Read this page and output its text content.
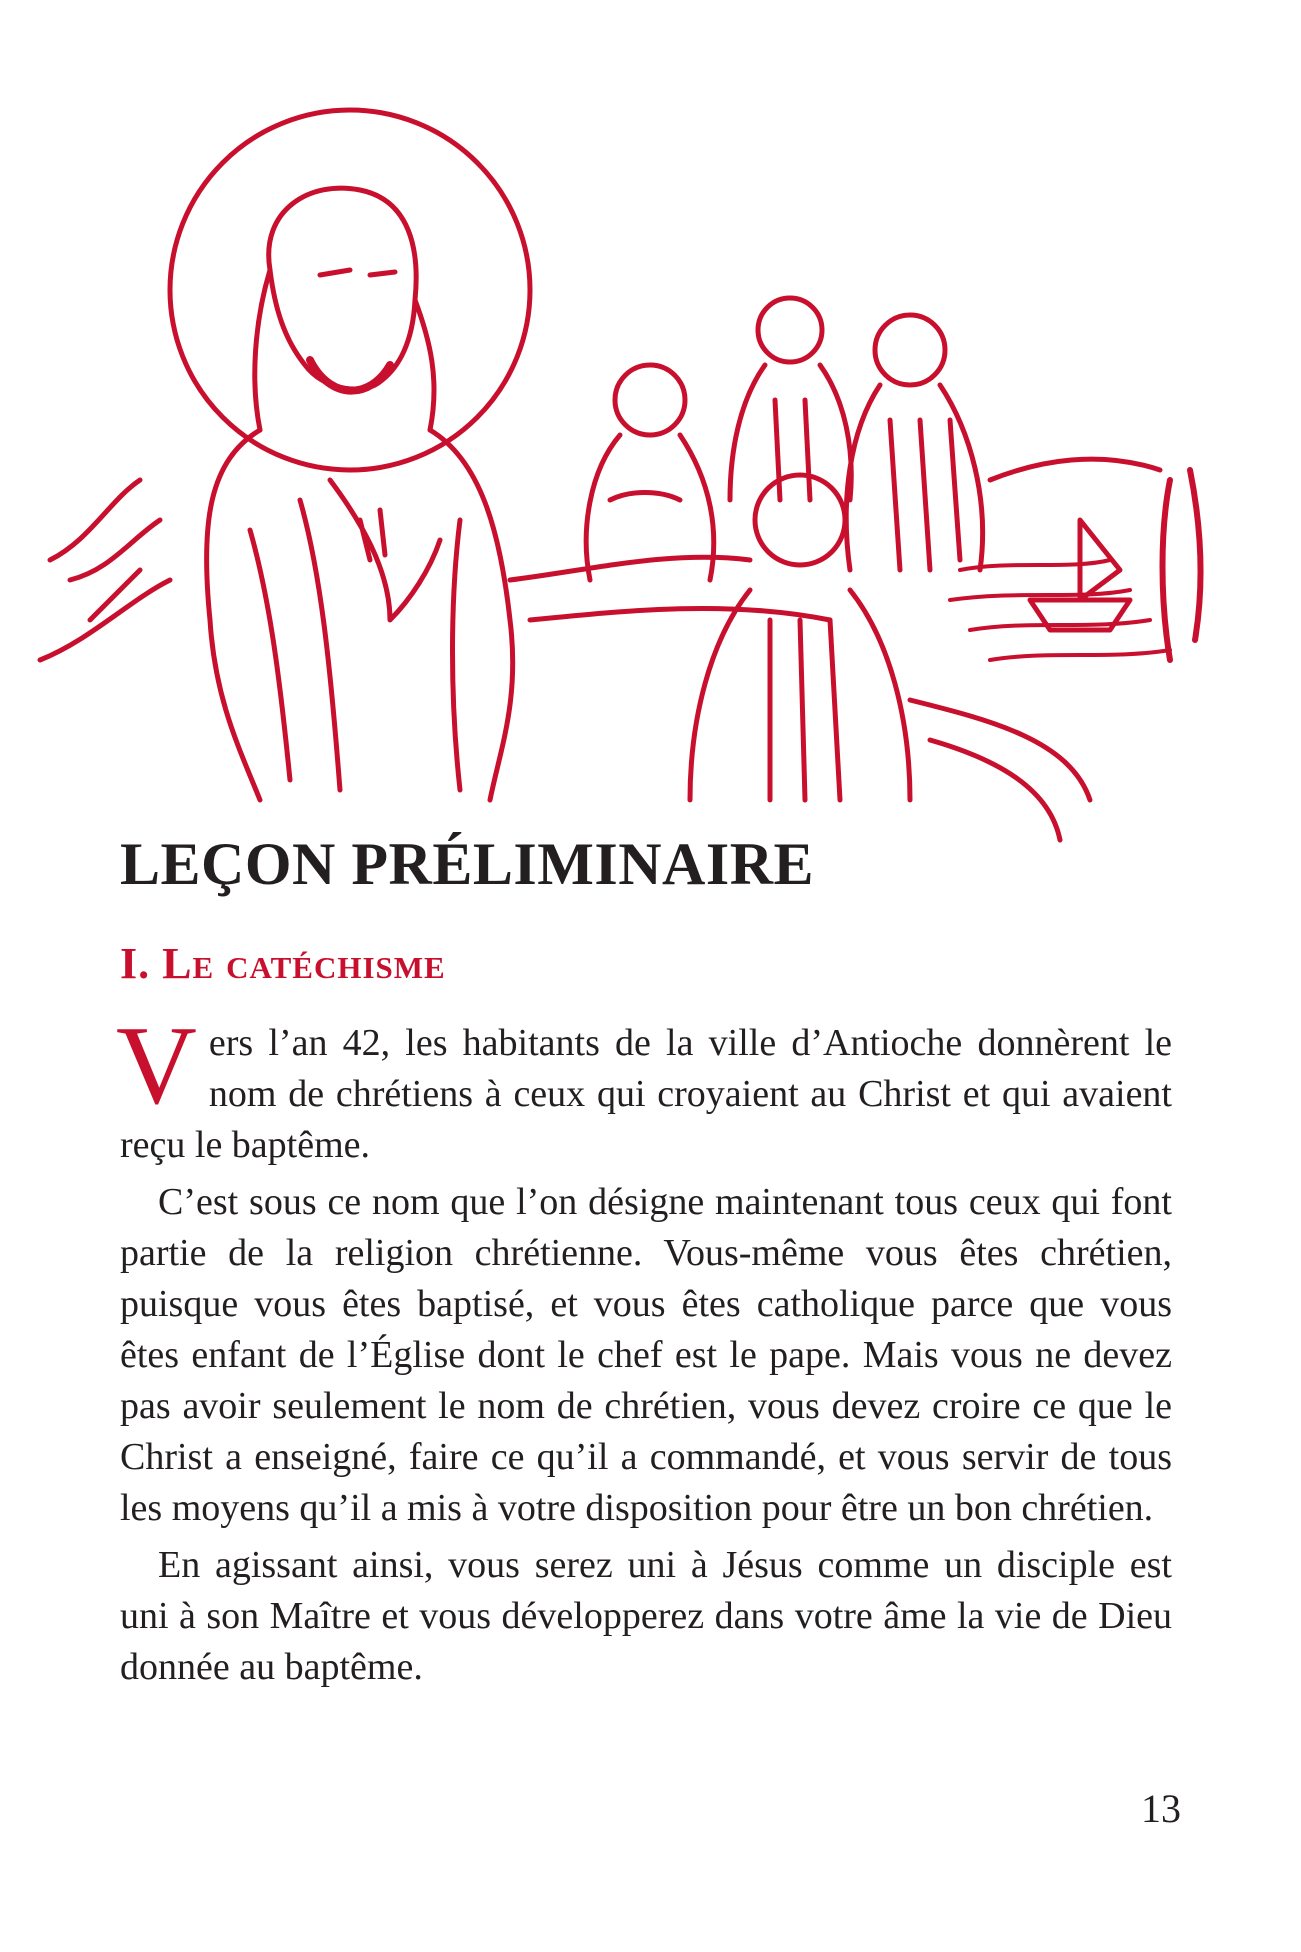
LEÇON PRÉLIMINAIRE
I. Le catéchisme

Vers l’an 42, les habitants de la ville d’Antioche donnèrent le nom de chrétiens à ceux qui croyaient au Christ et qui avaient reçu le baptême.

C’est sous ce nom que l’on désigne maintenant tous ceux qui font partie de la religion chrétienne. Vous-même vous êtes chrétien, puisque vous êtes baptisé, et vous êtes catholique parce que vous êtes enfant de l’Église dont le chef est le pape. Mais vous ne devez pas avoir seulement le nom de chrétien, vous devez croire ce que le Christ a enseigné, faire ce qu’il a commandé, et vous servir de tous les moyens qu’il a mis à votre disposition pour être un bon chrétien.

En agissant ainsi, vous serez uni à Jésus comme un disciple est uni à son Maître et vous développerez dans votre âme la vie de Dieu donnée au baptême.

13
